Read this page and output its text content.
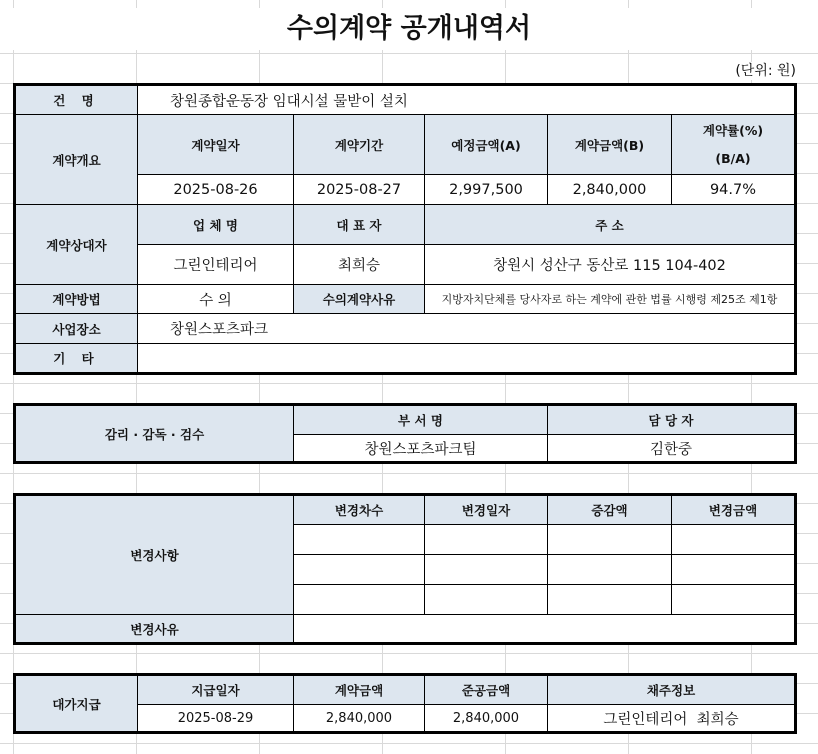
수의계약 공개내역서
(단위: 원)
건 명	창원종합운동장 임대시설 물받이 설치				
계약개요	계약일자	계약기간	예정금액(A)	계약금액(B)	계약률(%)
(B/A)

	2025-08-26	2025-08-27	2,997,500	2,840,000	94.7%
계약상대자	업 체 명	대 표 자	주 소		
	그린인테리어	최희승	창원시 성산구 동산로 115 104-402		
계약방법	수 의	수의계약사유	지방자치단체를 당사자로 하는 계약에 관한 법률 시행령 제25조 제1항		
사업장소	창원스포츠파크				
기 타					
감리 · 감독 · 검수	부 서 명	담 당 자
	창원스포츠파크팀	김한중
변경사항	변경차수	변경일자	증감액	변경금액

변경사유				
대가지급	지급일자	계약금액	준공금액	채주정보
	2025-08-29	2,840,000	2,840,000	그린인테리어  최희승
